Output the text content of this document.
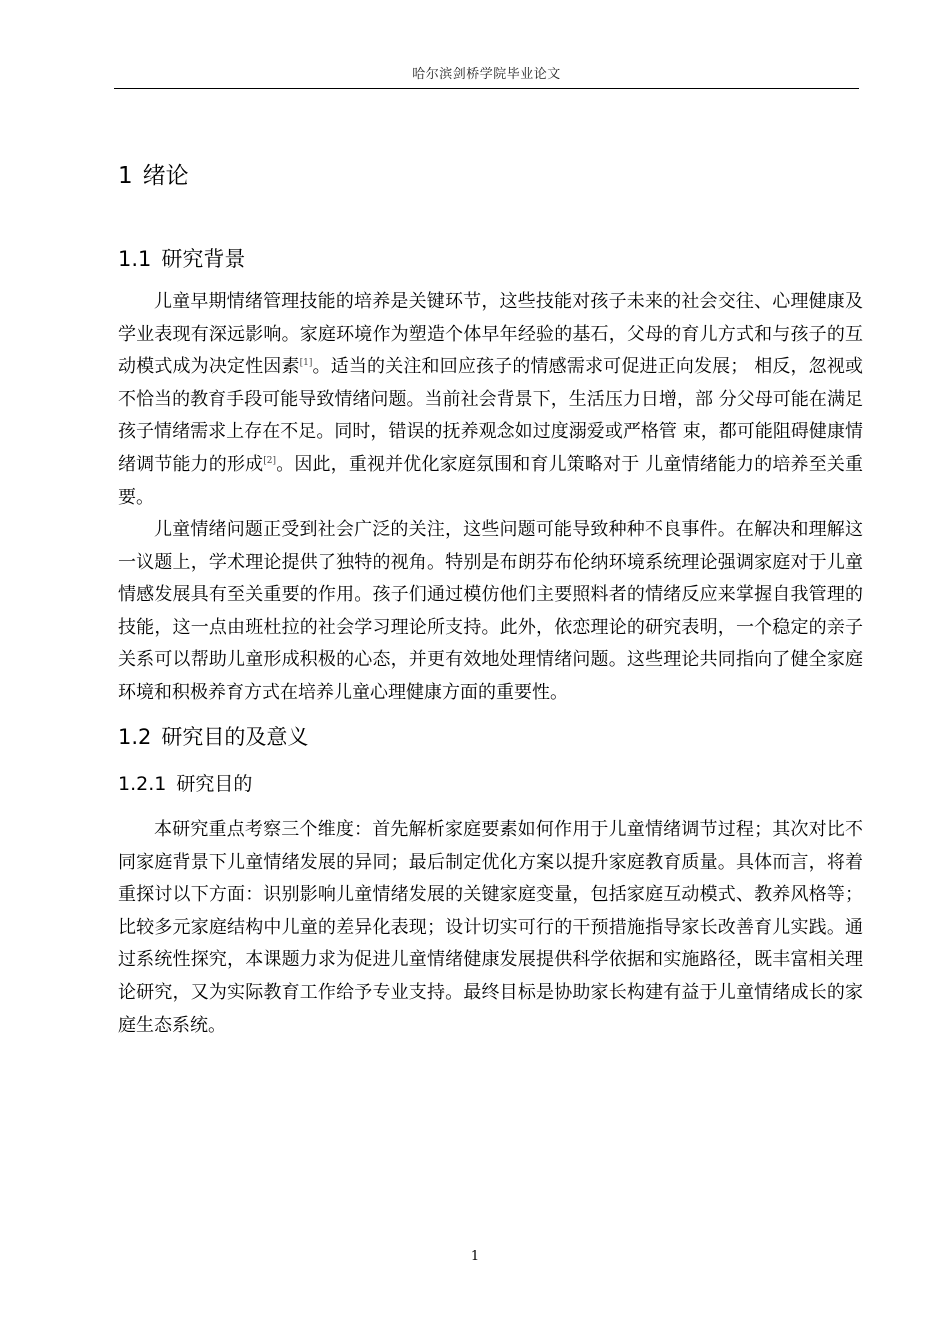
哈尔滨剑桥学院毕业论文
1 绪论
1.1 研究背景

儿童早期情绪管理技能的培养是关键环节，这些技能对孩子未来的社会交往、心理健康及学业表现有深远影响。家庭环境作为塑造个体早年经验的基石，父母的育儿方式和与孩子的互动模式成为决定性因素[1]。适当的关注和回应孩子的情感需求可促进正向发展； 相反，忽视或不恰当的教育手段可能导致情绪问题。当前社会背景下，生活压力日增，部 分父母可能在满足孩子情绪需求上存在不足。同时，错误的抚养观念如过度溺爱或严格管 束，都可能阻碍健康情绪调节能力的形成[2]。因此，重视并优化家庭氛围和育儿策略对于 儿童情绪能力的培养至关重要。

儿童情绪问题正受到社会广泛的关注，这些问题可能导致种种不良事件。在解决和理解这一议题上，学术理论提供了独特的视角。特别是布朗芬布伦纳环境系统理论强调家庭对于儿童情感发展具有至关重要的作用。孩子们通过模仿他们主要照料者的情绪反应来掌握自我管理的技能，这一点由班杜拉的社会学习理论所支持。此外，依恋理论的研究表明，一个稳定的亲子关系可以帮助儿童形成积极的心态，并更有效地处理情绪问题。这些理论共同指向了健全家庭环境和积极养育方式在培养儿童心理健康方面的重要性。

1.2 研究目的及意义
1.2.1 研究目的

本研究重点考察三个维度：首先解析家庭要素如何作用于儿童情绪调节过程；其次对比不同家庭背景下儿童情绪发展的异同；最后制定优化方案以提升家庭教育质量。具体而言，将着重探讨以下方面：识别影响儿童情绪发展的关键家庭变量，包括家庭互动模式、教养风格等；比较多元家庭结构中儿童的差异化表现；设计切实可行的干预措施指导家长改善育儿实践。通过系统性探究，本课题力求为促进儿童情绪健康发展提供科学依据和实施路径，既丰富相关理论研究，又为实际教育工作给予专业支持。最终目标是协助家长构建有益于儿童情绪成长的家庭生态系统。

1
